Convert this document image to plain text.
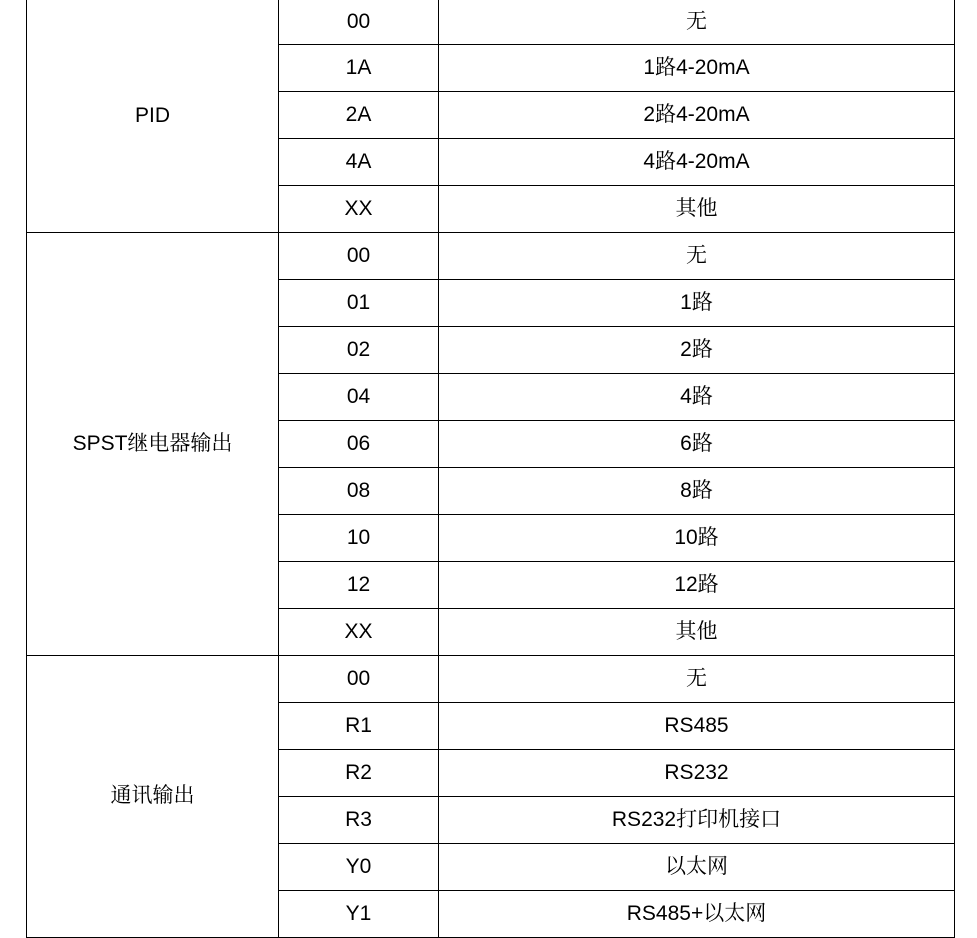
PID	00	无
	1A	1路4-20mA
	2A	2路4-20mA
	4A	4路4-20mA
	XX	其他
SPST继电器输出	00	无
	01	1路
	02	2路
	04	4路
	06	6路
	08	8路
	10	10路
	12	12路
	XX	其他
通讯输出	00	无
	R1	RS485
	R2	RS232
	R3	RS232打印机接口
	Y0	以太网
	Y1	RS485+以太网
